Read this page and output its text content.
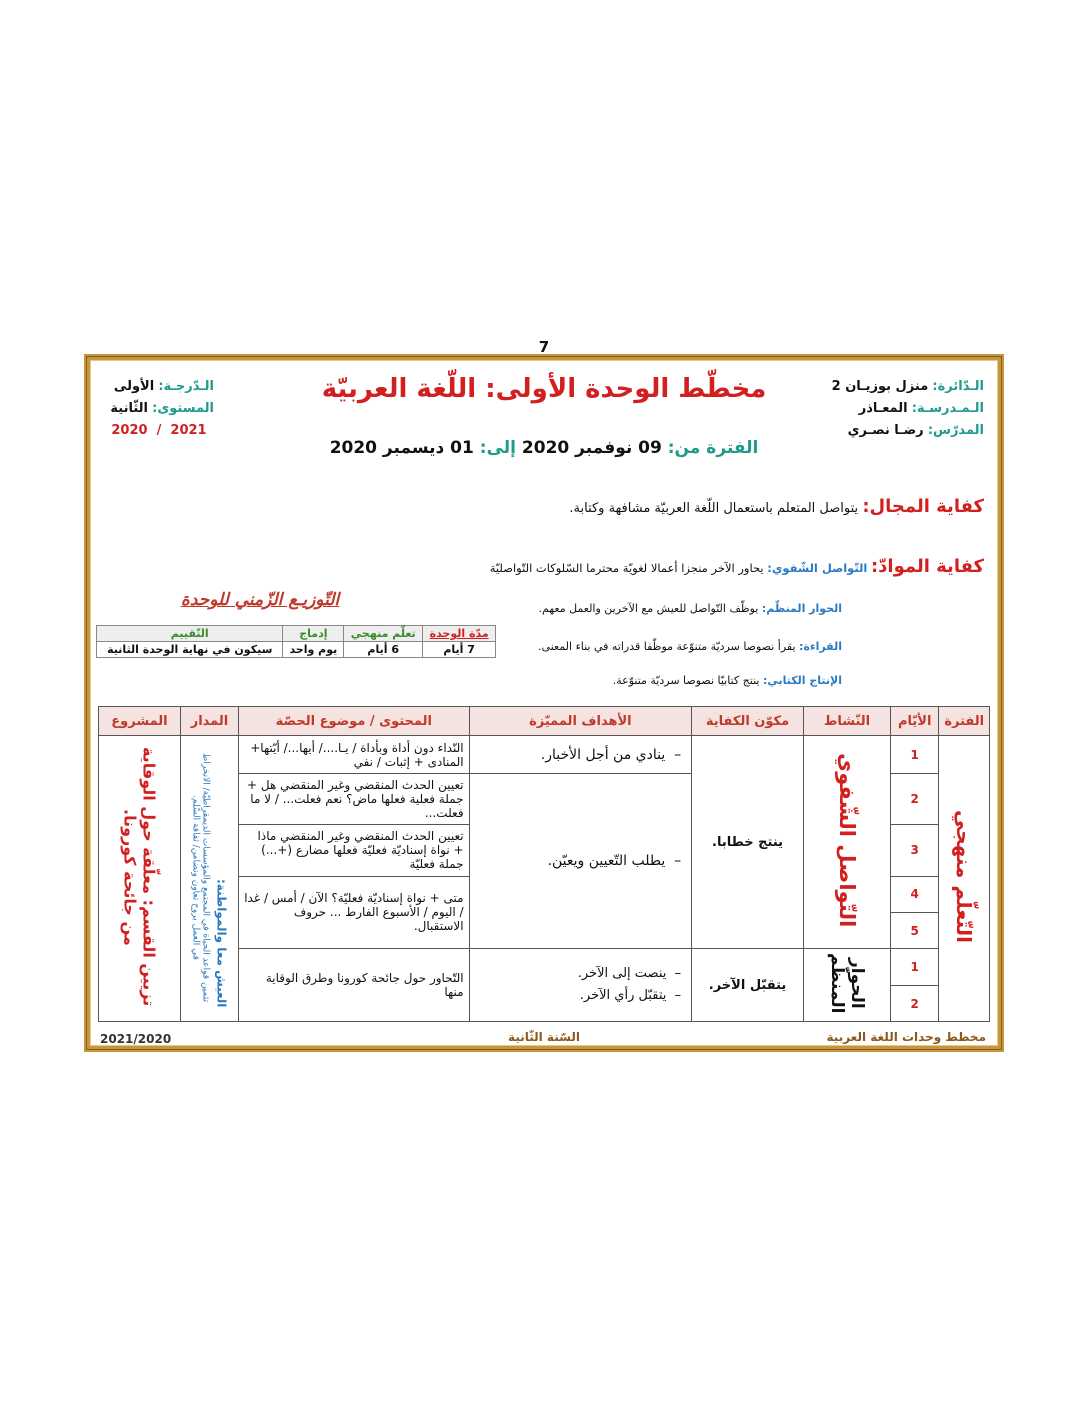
7
الـدّائرة: منزل بوزيـان 2
الـمـدرسـة: المعـاذر
المدرّس: رضـا نصـري
الـدّرجـة: الأولى
المستوى: الثّانية
2021  /  2020
مخطّط الوحدة الأولى: اللّغة العربيّة
الفترة من: 09 نوفمبر 2020 إلى: 01 ديسمبر 2020
كفاية المجال: يتواصل المتعلم باستعمال اللّغة العربيّة مشافهة وكتابة.
كفاية الموادّ: التّواصل الشّفوي: يحاور الآخر منجزا أعمالا لغويّة محترما السّلوكات التّواصليّة
الحوار المنظّم: يوظّف التّواصل للعيش مع الآخرين والعمل معهم.
القراءة: يقرأ نصوصا سرديّة متنوّعة موظّفا قدراته في بناء المعنى.
الإنتاج الكتابي: ينتج كتابيّا نصوصا سرديّة متنوّعة.
التّوزيـع الزّمني للوحدة
مدّة الوحدة	تعلّم منهجي	إدماج	التّقييم
7 أيام	6 أيام	يوم واحد	سيكون في نهاية الوحدة الثانية
الفترة	الأيّام	النّشاط	مكوّن الكفاية	الأهداف المميّزة	المحتوى / موضوع الحصّة	المدار	المشروع
التّعلّم منهجي	1	التّواصل الشّفوي	ينتج خطابا.	–  ينادي من أجل الأخبار.	النّداء دون أداة وبأداة / يـا..../ أيها.../ أيّتها+ المنادى + إثبات / نفي	العيش معا والمواطنة: تثمين قواعد الحياة في المجتمع والمؤسسات الديمقراطيّة/ الانخراط في العمل بروح تعاون وتضامن/ ثقافة السّلم.	تزيين القسم: معلّقة حول الوقاية من جائحة كورونا.
	2			–  يطلب التّعيين ويعيّن.	تعيين الحدث المنقضي وغير المنقضي هل + جملة فعلية فعلها ماض؟ نعم فعلت... / لا ما فعلت...		
	3				تعيين الحدث المنقضي وغير المنقضي ماذا + نواة إسناديّة فعليّة فعلها مضارع (+...) جملة فعليّة		
	4				متى + نواة إسناديّة فعليّة؟ الآن / أمس / غدا / اليوم / الأسبوع الفارط ... حروف الاستقبال.		
	5						
	1	الحوار المنظّم	يتقبّل الآخر.	–  ينصت إلى الآخر.
–  يتقبّل رأي الآخر.	التّحاور حول جائحة كورونا وطرق الوقاية منها		
	2						
مخطط وحدات اللغة العربية
السّنة الثّانية
2021/2020
